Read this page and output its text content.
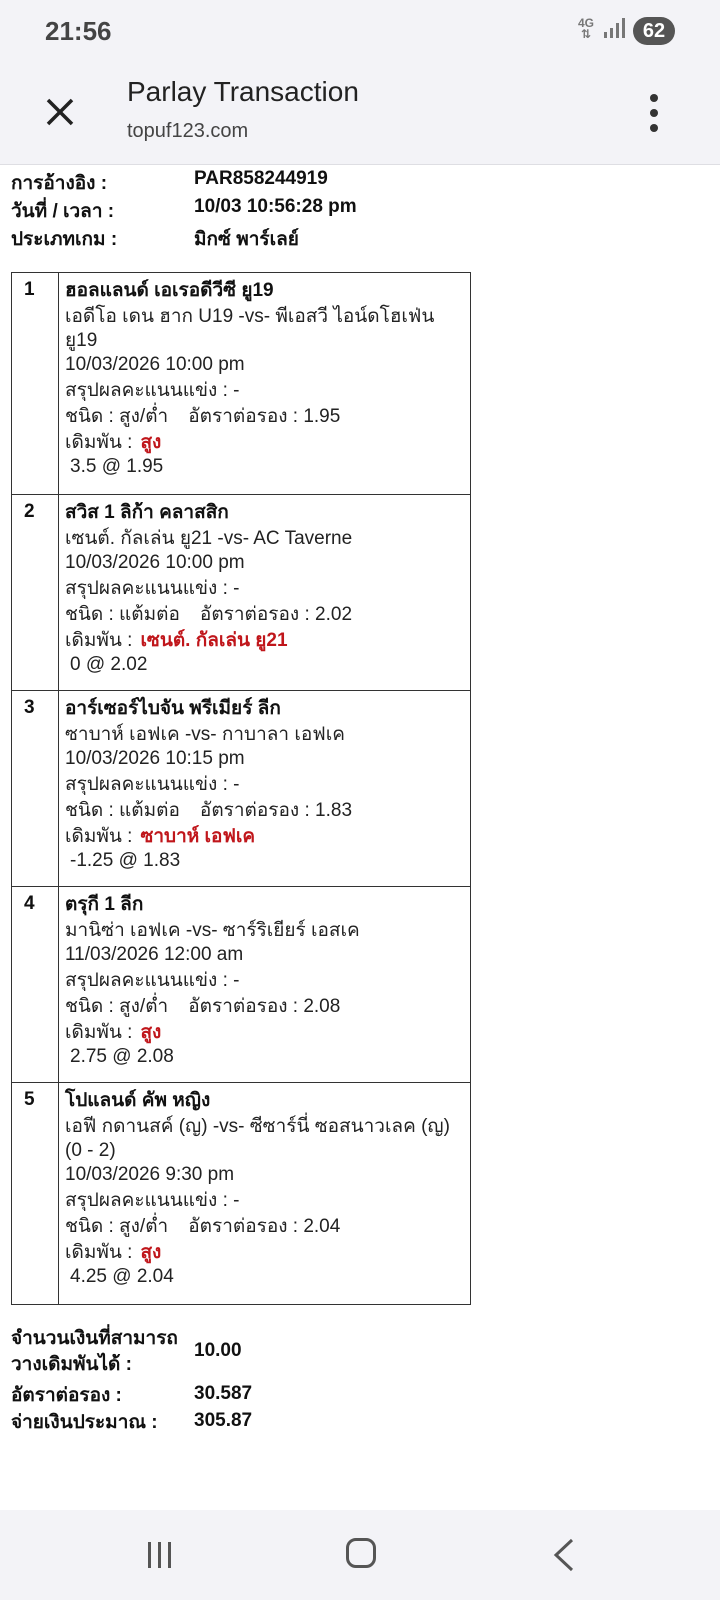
21:56	4G
⇅	62
Parlay Transaction
topuf123.com
การอ้างอิง :	PAR858244919
วันที่ / เวลา :	10/03 10:56:28 pm
ประเภทเกม :	มิกซ์ พาร์เลย์
1	ฮอลแลนด์ เอเรอดีวีซี ยู19
เอดีโอ เดน ฮาก U19 -vs- พีเอสวี ไอน์ดโฮเฟ่น ยู19
10/03/2026 10:00 pm
สรุปผลคะแนนแข่ง : -
ชนิด : สูง/ต่ำ อัตราต่อรอง : 1.95
เดิมพัน : สูง
3.5 @ 1.95
2	สวิส 1 ลิก้า คลาสสิก
เซนต์. กัลเล่น ยู21 -vs- AC Taverne
10/03/2026 10:00 pm
สรุปผลคะแนนแข่ง : -
ชนิด : แต้มต่อ อัตราต่อรอง : 2.02
เดิมพัน : เซนต์. กัลเล่น ยู21
0 @ 2.02
3	อาร์เซอร์ไบจัน พรีเมียร์ ลีก
ซาบาห์ เอฟเค -vs- กาบาลา เอฟเค
10/03/2026 10:15 pm
สรุปผลคะแนนแข่ง : -
ชนิด : แต้มต่อ อัตราต่อรอง : 1.83
เดิมพัน : ซาบาห์ เอฟเค
-1.25 @ 1.83
4	ตรุกี 1 ลีก
มานิซ่า เอฟเค -vs- ซาร์ริเยียร์ เอสเค
11/03/2026 12:00 am
สรุปผลคะแนนแข่ง : -
ชนิด : สูง/ต่ำ อัตราต่อรอง : 2.08
เดิมพัน : สูง
2.75 @ 2.08
5	โปแลนด์ คัพ หญิง
เอฟี กดานสค์ (ญ) -vs- ซีซาร์นี่ ซอสนาวเลค (ญ) (0 - 2)
10/03/2026 9:30 pm
สรุปผลคะแนนแข่ง : -
ชนิด : สูง/ต่ำ อัตราต่อรอง : 2.04
เดิมพัน : สูง
4.25 @ 2.04
จำนวนเงินที่สามารถวางเดิมพันได้ :
10.00
อัตราต่อรอง :	30.587
จ่ายเงินประมาณ :	305.87
